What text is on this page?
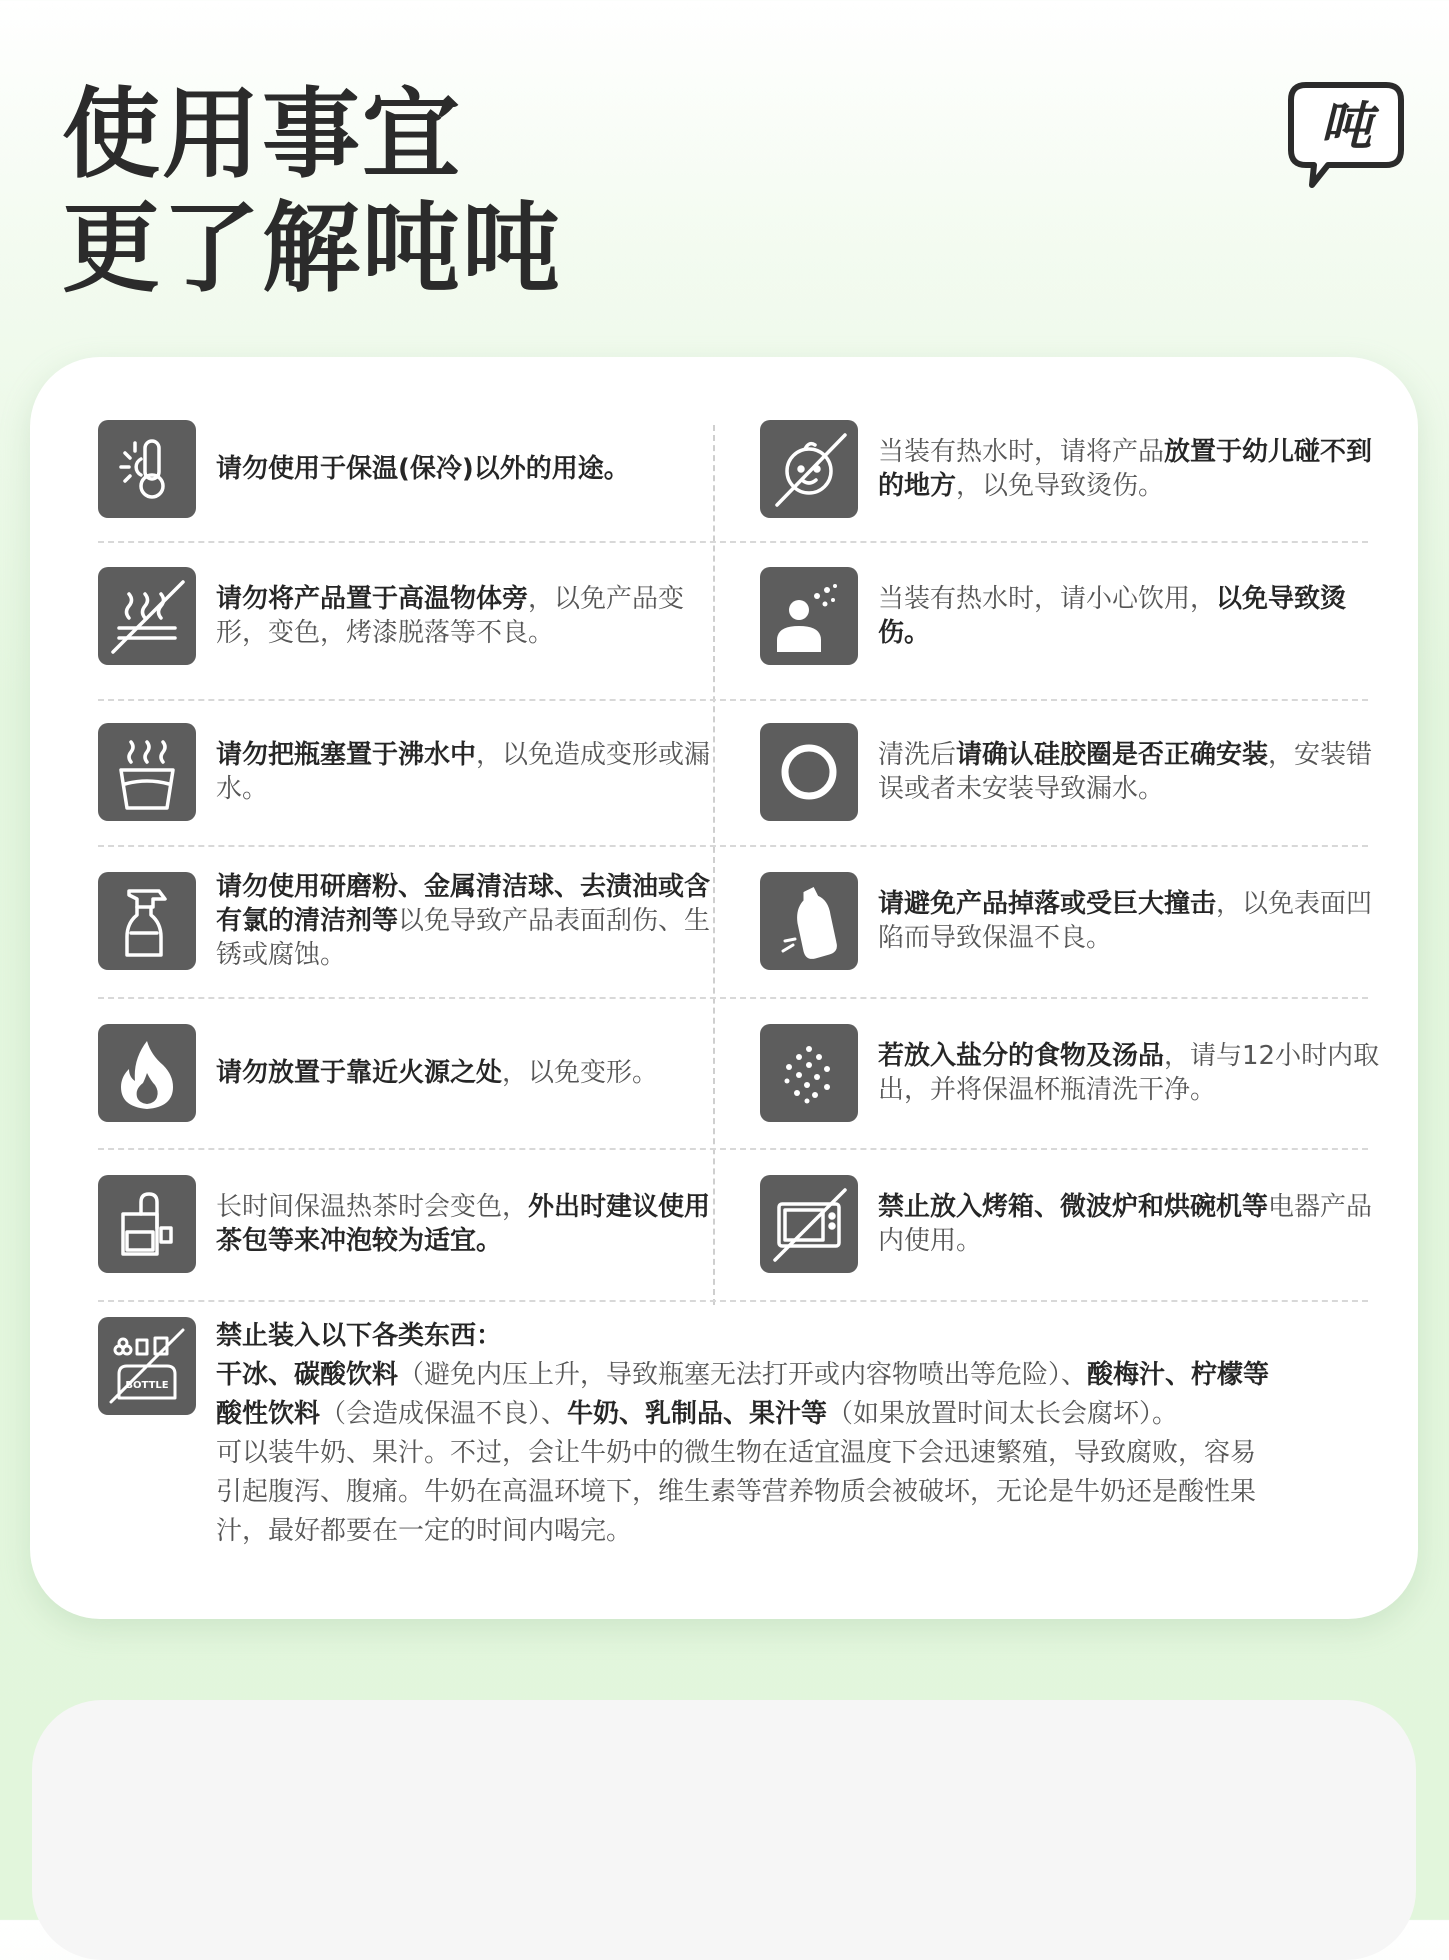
使用事宜
更了解吨吨
吨
请勿使用于保温(保冷)以外的用途。
当装有热水时，请将产品放置于幼儿碰不到的地方，以免导致烫伤。
请勿将产品置于高温物体旁，以免产品变形，变色，烤漆脱落等不良。
当装有热水时，请小心饮用，以免导致烫伤。
请勿把瓶塞置于沸水中，以免造成变形或漏水。
清洗后请确认硅胶圈是否正确安装，安装错误或者未安装导致漏水。
请勿使用研磨粉、金属清洁球、去渍油或含有氯的清洁剂等以免导致产品表面刮伤、生锈或腐蚀。
请避免产品掉落或受巨大撞击，以免表面凹陷而导致保温不良。
请勿放置于靠近火源之处，以免变形。
若放入盐分的食物及汤品，请与12小时内取出，并将保温杯瓶清洗干净。
长时间保温热茶时会变色，外出时建议使用茶包等来冲泡较为适宜。
禁止放入烤箱、微波炉和烘碗机等电器产品内使用。
BOTTLE

禁止装入以下各类东西：

干冰、碳酸饮料（避免内压上升，导致瓶塞无法打开或内容物喷出等危险）、酸梅汁、柠檬等

酸性饮料（会造成保温不良）、牛奶、乳制品、果汁等（如果放置时间太长会腐坏）。

可以装牛奶、果汁。不过，会让牛奶中的微生物在适宜温度下会迅速繁殖，导致腐败，容易

引起腹泻、腹痛。牛奶在高温环境下，维生素等营养物质会被破坏，无论是牛奶还是酸性果

汁，最好都要在一定的时间内喝完。
